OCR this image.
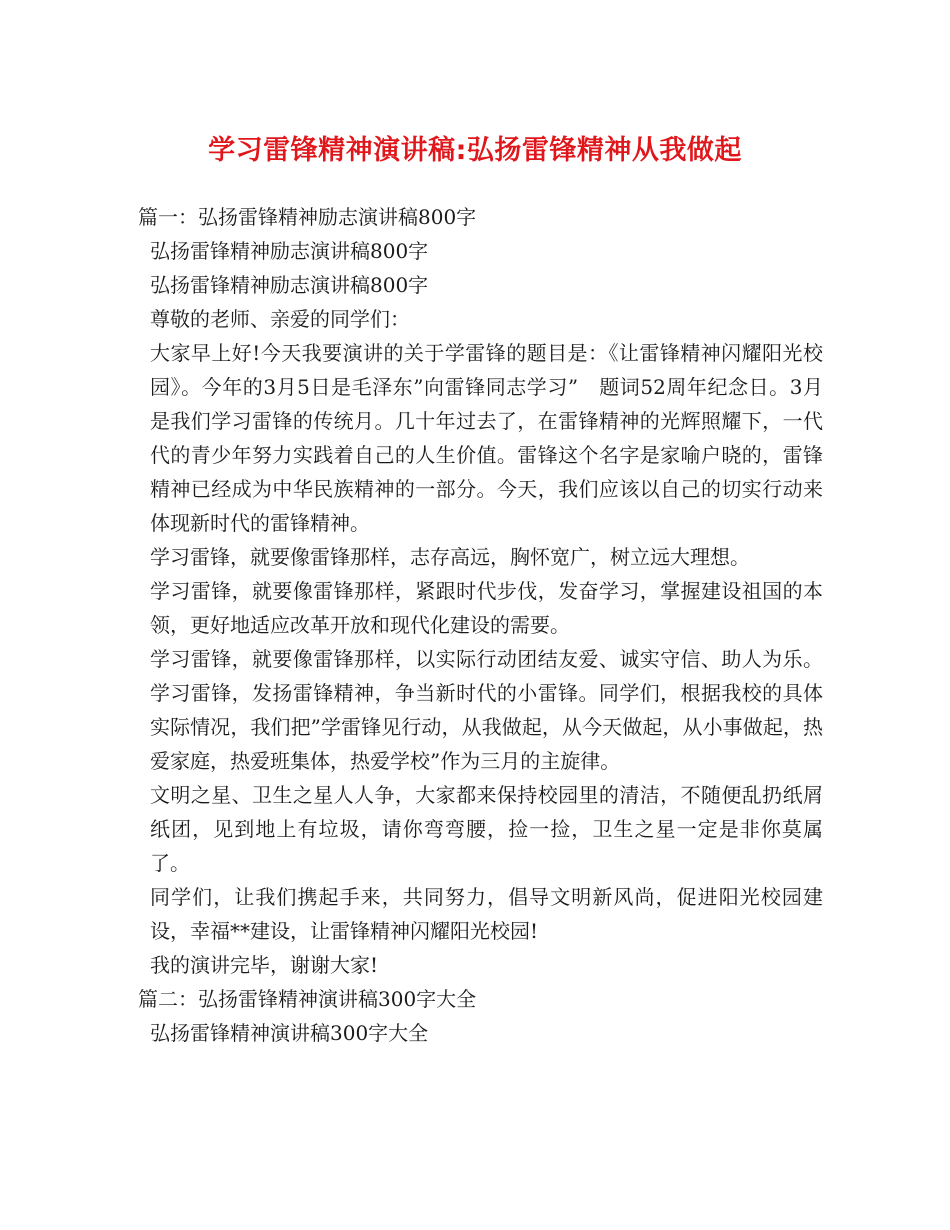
学习雷锋精神演讲稿:弘扬雷锋精神从我做起

篇一：弘扬雷锋精神励志演讲稿800字

弘扬雷锋精神励志演讲稿800字

弘扬雷锋精神励志演讲稿800字

尊敬的老师、亲爱的同学们：

大家早上好!今天我要演讲的关于学雷锋的题目是：《让雷锋精神闪耀阳光校园》。今年的3月5日是毛泽东”向雷锋同志学习”　题词52周年纪念日。3月是我们学习雷锋的传统月。几十年过去了，在雷锋精神的光辉照耀下，一代代的青少年努力实践着自己的人生价值。雷锋这个名字是家喻户晓的，雷锋精神已经成为中华民族精神的一部分。今天，我们应该以自己的切实行动来体现新时代的雷锋精神。

学习雷锋，就要像雷锋那样，志存高远，胸怀宽广，树立远大理想。

学习雷锋，就要像雷锋那样，紧跟时代步伐，发奋学习，掌握建设祖国的本领，更好地适应改革开放和现代化建设的需要。

学习雷锋，就要像雷锋那样，以实际行动团结友爱、诚实守信、助人为乐。学习雷锋，发扬雷锋精神，争当新时代的小雷锋。同学们，根据我校的具体实际情况，我们把”学雷锋见行动，从我做起，从今天做起，从小事做起，热爱家庭，热爱班集体，热爱学校”作为三月的主旋律。

文明之星、卫生之星人人争，大家都来保持校园里的清洁，不随便乱扔纸屑纸团，见到地上有垃圾，请你弯弯腰，捡一捡，卫生之星一定是非你莫属了。

同学们，让我们携起手来，共同努力，倡导文明新风尚，促进阳光校园建设，幸福**建设，让雷锋精神闪耀阳光校园!

我的演讲完毕，谢谢大家!

篇二：弘扬雷锋精神演讲稿300字大全

弘扬雷锋精神演讲稿300字大全
